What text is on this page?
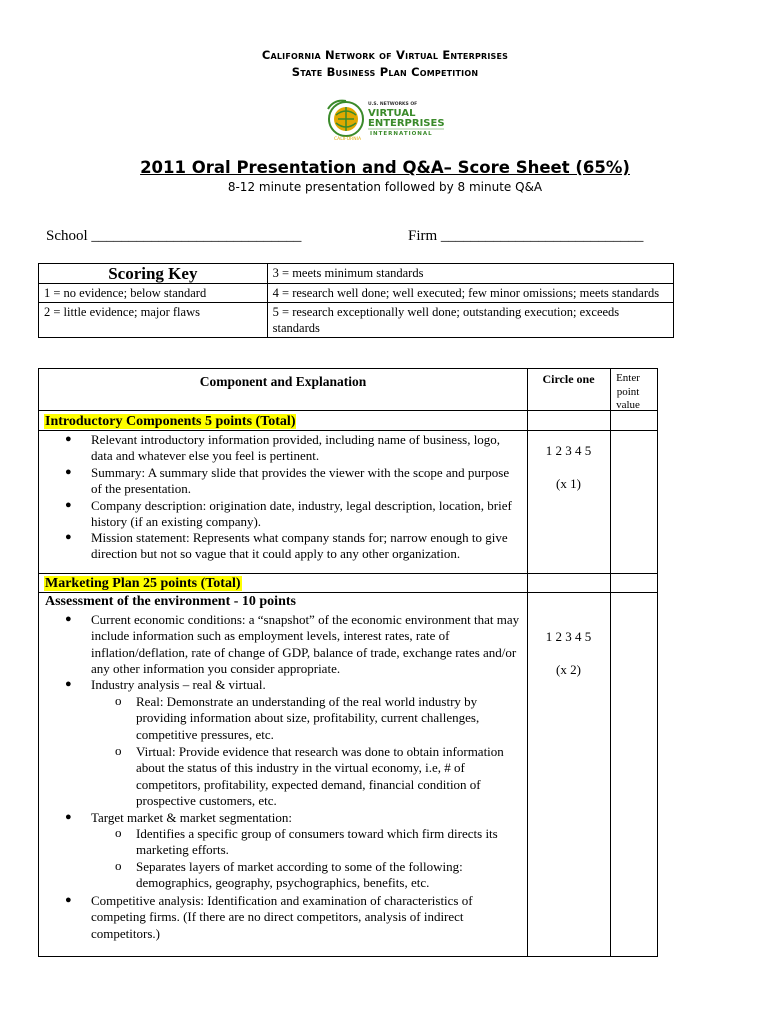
California Network of Virtual Enterprises
State Business Plan Competition
CALIFORNIA
U.S. NETWORKS OF
VIRTUAL
ENTERPRISES
INTERNATIONAL
2011 Oral Presentation and Q&A– Score Sheet (65%)
8-12 minute presentation followed by 8 minute Q&A
School ____________________________	Firm ___________________________
Scoring Key	3 = meets minimum standards
1 = no evidence; below standard	4 = research well done; well executed; few minor omissions; meets standards
2 = little evidence; major flaws	5 = research exceptionally well done; outstanding execution; exceeds standards
Component and Explanation	Circle one	Enter point value
Introductory Components 5 points (Total)
● Relevant introductory information provided, including name of business, logo, data and whatever else you feel is pertinent.
● Summary: A summary slide that provides the viewer with the scope and purpose of the presentation.
● Company description: origination date, industry, legal description, location, brief history (if an existing company).
● Mission statement: Represents what company stands for; narrow enough to give direction but not so vague that it could apply to any other organization.
1 2 3 4 5
(x 1)
Marketing Plan 25 points (Total)
Assessment of the environment - 10 points
● Current economic conditions: a “snapshot” of the economic environment that may include information such as employment levels, interest rates, rate of inflation/deflation, rate of change of GDP, balance of trade, exchange rates and/or any other information you consider appropriate.
● Industry analysis – real & virtual.
o Real: Demonstrate an understanding of the real world industry by providing information about size, profitability, current challenges, competitive pressures, etc.
o Virtual: Provide evidence that research was done to obtain information about the status of this industry in the virtual economy, i.e, # of competitors, profitability, expected demand, financial condition of prospective customers, etc.
● Target market & market segmentation:
o Identifies a specific group of consumers toward which firm directs its marketing efforts.
o Separates layers of market according to some of the following: demographics, geography, psychographics, benefits, etc.
● Competitive analysis: Identification and examination of characteristics of competing firms. (If there are no direct competitors, analysis of indirect competitors.)
1 2 3 4 5
(x 2)
